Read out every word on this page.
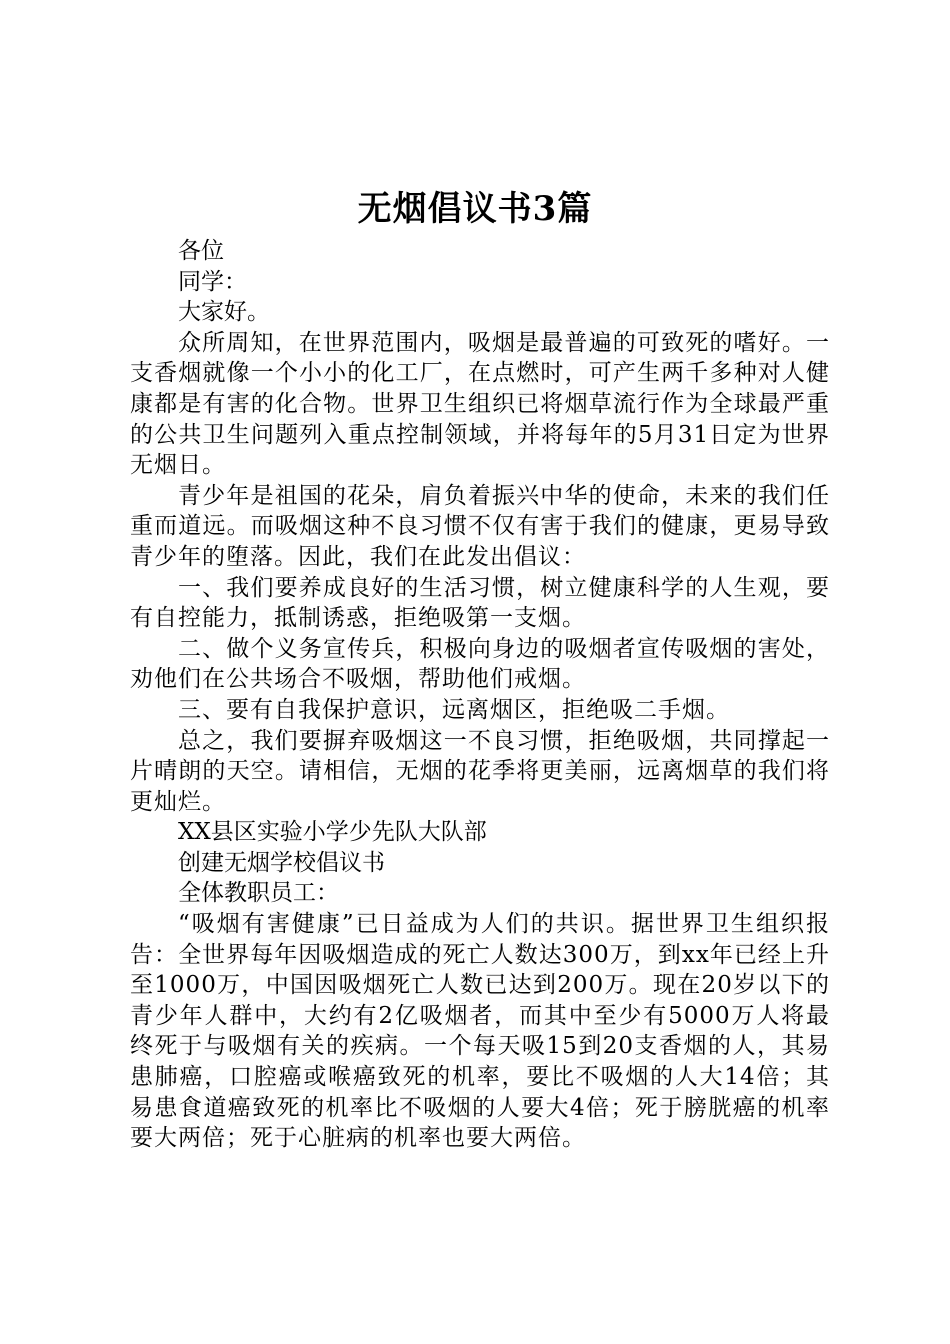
无烟倡议书3篇

各位

同学：

大家好。

众所周知，在世界范围内，吸烟是最普遍的可致死的嗜好。一支香烟就像一个小小的化工厂，在点燃时，可产生两千多种对人健康都是有害的化合物。世界卫生组织已将烟草流行作为全球最严重的公共卫生问题列入重点控制领域，并将每年的5月31日定为世界无烟日。

青少年是祖国的花朵，肩负着振兴中华的使命，未来的我们任重而道远。而吸烟这种不良习惯不仅有害于我们的健康，更易导致青少年的堕落。因此，我们在此发出倡议：

一、我们要养成良好的生活习惯，树立健康科学的人生观，要有自控能力，抵制诱惑，拒绝吸第一支烟。

二、做个义务宣传兵，积极向身边的吸烟者宣传吸烟的害处，劝他们在公共场合不吸烟，帮助他们戒烟。

三、要有自我保护意识，远离烟区，拒绝吸二手烟。

总之，我们要摒弃吸烟这一不良习惯，拒绝吸烟，共同撑起一片晴朗的天空。请相信，无烟的花季将更美丽，远离烟草的我们将更灿烂。

XX县区实验小学少先队大队部

创建无烟学校倡议书

全体教职员工：

“吸烟有害健康”已日益成为人们的共识。据世界卫生组织报告：全世界每年因吸烟造成的死亡人数达300万，到xx年已经上升至1000万，中国因吸烟死亡人数已达到200万。现在20岁以下的青少年人群中，大约有2亿吸烟者，而其中至少有5000万人将最终死于与吸烟有关的疾病。一个每天吸15到20支香烟的人，其易患肺癌，口腔癌或喉癌致死的机率，要比不吸烟的人大14倍；其易患食道癌致死的机率比不吸烟的人要大4倍；死于膀胱癌的机率要大两倍；死于心脏病的机率也要大两倍。
